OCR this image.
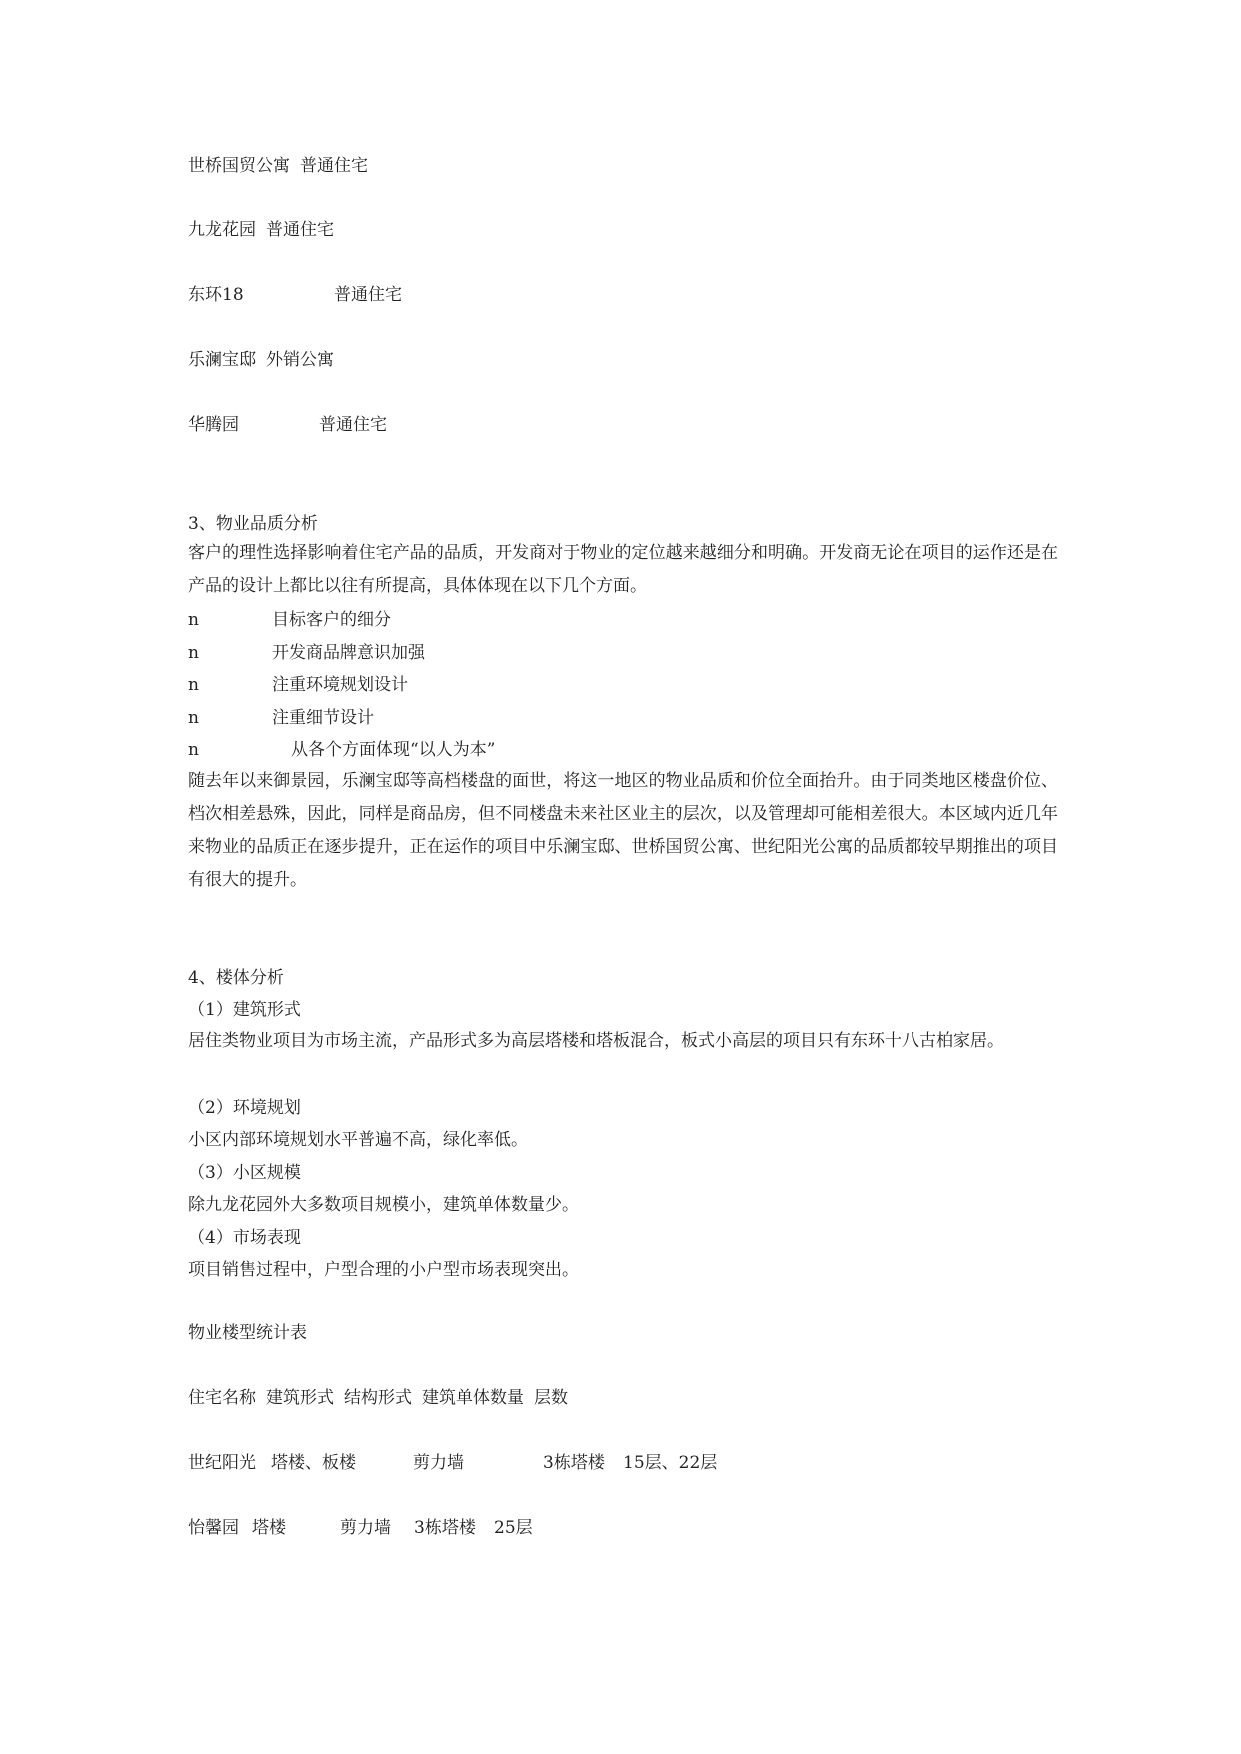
世桥国贸公寓 普通住宅
九龙花园 普通住宅
东环18	普通住宅
乐澜宝邸 外销公寓
华腾园	普通住宅
3、物业品质分析
客户的理性选择影响着住宅产品的品质，开发商对于物业的定位越来越细分和明确。开发商无论在项目的运作还是在产品的设计上都比以往有所提高，具体体现在以下几个方面。
n	目标客户的细分
n	开发商品牌意识加强
n	注重环境规划设计
n	注重细节设计
n	从各个方面体现“以人为本”
随去年以来御景园，乐澜宝邸等高档楼盘的面世，将这一地区的物业品质和价位全面抬升。由于同类地区楼盘价位、档次相差悬殊，因此，同样是商品房，但不同楼盘未来社区业主的层次，以及管理却可能相差很大。本区域内近几年来物业的品质正在逐步提升，正在运作的项目中乐澜宝邸、世桥国贸公寓、世纪阳光公寓的品质都较早期推出的项目有很大的提升。
4、楼体分析
（1）建筑形式
居住类物业项目为市场主流，产品形式多为高层塔楼和塔板混合，板式小高层的项目只有东环十八古柏家居。
（2）环境规划
小区内部环境规划水平普遍不高，绿化率低。
（3）小区规模
除九龙花园外大多数项目规模小，建筑单体数量少。
（4）市场表现
项目销售过程中，户型合理的小户型市场表现突出。
物业楼型统计表
住宅名称 建筑形式 结构形式 建筑单体数量 层数
世纪阳光 塔楼、板楼	剪力墙	3栋塔楼 15层、22层
怡馨园 塔楼	剪力墙 3栋塔楼 25层
